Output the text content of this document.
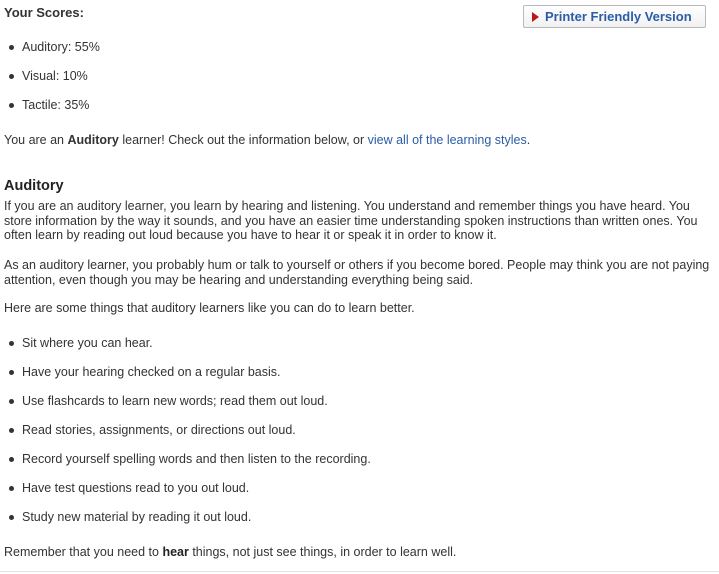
Your Scores:	Printer Friendly Version
Auditory: 55%
Visual: 10%
Tactile: 35%
You are an Auditory learner! Check out the information below, or view all of the learning styles.
Auditory

If you are an auditory learner, you learn by hearing and listening. You understand and remember things you have heard. You store information by the way it sounds, and you have an easier time understanding spoken instructions than written ones. You often learn by reading out loud because you have to hear it or speak it in order to know it.

As an auditory learner, you probably hum or talk to yourself or others if you become bored. People may think you are not paying attention, even though you may be hearing and understanding everything being said.

Here are some things that auditory learners like you can do to learn better.

Sit where you can hear.
Have your hearing checked on a regular basis.
Use flashcards to learn new words; read them out loud.
Read stories, assignments, or directions out loud.
Record yourself spelling words and then listen to the recording.
Have test questions read to you out loud.
Study new material by reading it out loud.
Remember that you need to hear things, not just see things, in order to learn well.
